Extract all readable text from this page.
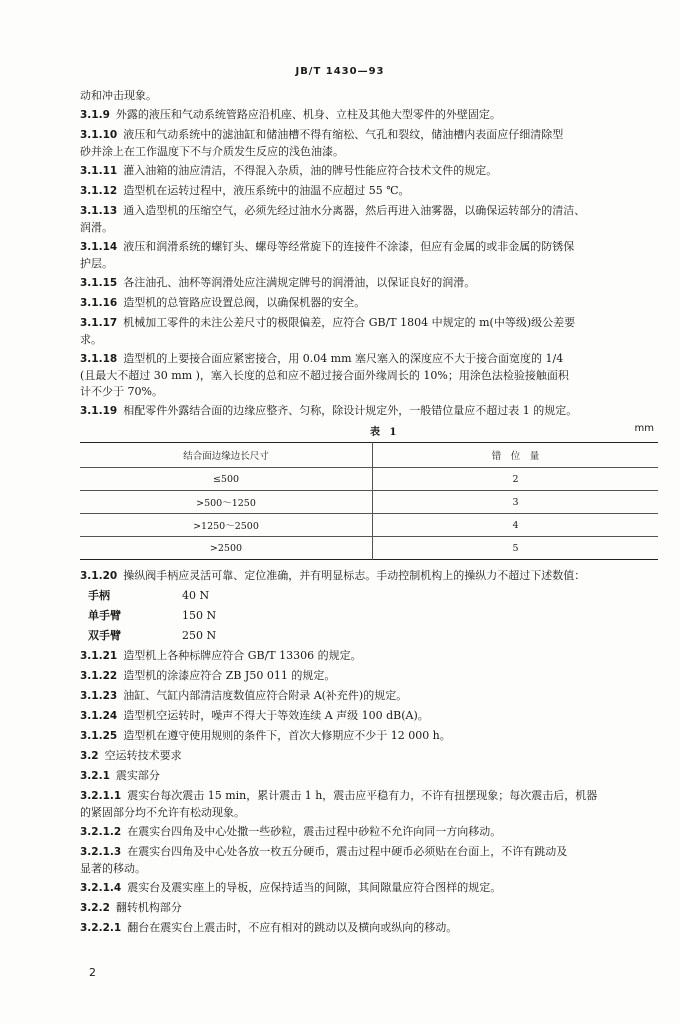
JB/T 1430—93
动和冲击现象。
3.1.9 外露的液压和气动系统管路应沿机座、机身、立柱及其他大型零件的外壁固定。
3.1.10 液压和气动系统中的滤油缸和储油槽不得有缩松、气孔和裂纹，储油槽内表面应仔细清除型
砂并涂上在工作温度下不与介质发生反应的浅色油漆。
3.1.11 灌入油箱的油应清洁，不得混入杂质，油的牌号性能应符合技术文件的规定。
3.1.12 造型机在运转过程中，液压系统中的油温不应超过 55 ℃。
3.1.13 通入造型机的压缩空气，必须先经过油水分离器，然后再进入油雾器，以确保运转部分的清洁、
润滑。
3.1.14 液压和润滑系统的螺钉头、螺母等经常旋下的连接件不涂漆，但应有金属的或非金属的防锈保
护层。
3.1.15 各注油孔、油杯等润滑处应注满规定牌号的润滑油，以保证良好的润滑。
3.1.16 造型机的总管路应设置总阀，以确保机器的安全。
3.1.17 机械加工零件的未注公差尺寸的极限偏差，应符合 GB/T 1804 中规定的 m(中等级)级公差要
求。
3.1.18 造型机的上要接合面应紧密接合，用 0.04 mm 塞尺塞入的深度应不大于接合面宽度的 1/4
(且最大不超过 30 mm )，塞入长度的总和应不超过接合面外缘周长的 10%；用涂色法检验接触面积
计不少于 70%。
3.1.19 相配零件外露结合面的边缘应整齐、匀称，除设计规定外，一般错位量应不超过表 1 的规定。
表 1	mm
结合面边缘边长尺寸	错　位　量
≤500	2
>500～1250	3
>1250～2500	4
>2500	5
3.1.20 操纵阀手柄应灵活可靠、定位准确，并有明显标志。手动控制机构上的操纵力不超过下述数值：
手柄	40 N
单手臂	150 N
双手臂	250 N
3.1.21 造型机上各种标牌应符合 GB/T 13306 的规定。
3.1.22 造型机的涂漆应符合 ZB J50 011 的规定。
3.1.23 油缸、气缸内部清洁度数值应符合附录 A(补充件)的规定。
3.1.24 造型机空运转时，噪声不得大于等效连续 A 声级 100 dB(A)。
3.1.25 造型机在遵守使用规则的条件下，首次大修期应不少于 12 000 h。
3.2 空运转技术要求
3.2.1 震实部分
3.2.1.1 震实台每次震击 15 min，累计震击 1 h，震击应平稳有力，不许有扭摆现象；每次震击后，机器
的紧固部分均不允许有松动现象。
3.2.1.2 在震实台四角及中心处撒一些砂粒，震击过程中砂粒不允许向同一方向移动。
3.2.1.3 在震实台四角及中心处各放一枚五分硬币，震击过程中硬币必须贴在台面上，不许有跳动及
显著的移动。
3.2.1.4 震实台及震实座上的导板，应保持适当的间隙，其间隙量应符合图样的规定。
3.2.2 翻转机构部分
3.2.2.1 翻台在震实台上震击时，不应有相对的跳动以及横向或纵向的移动。
2
